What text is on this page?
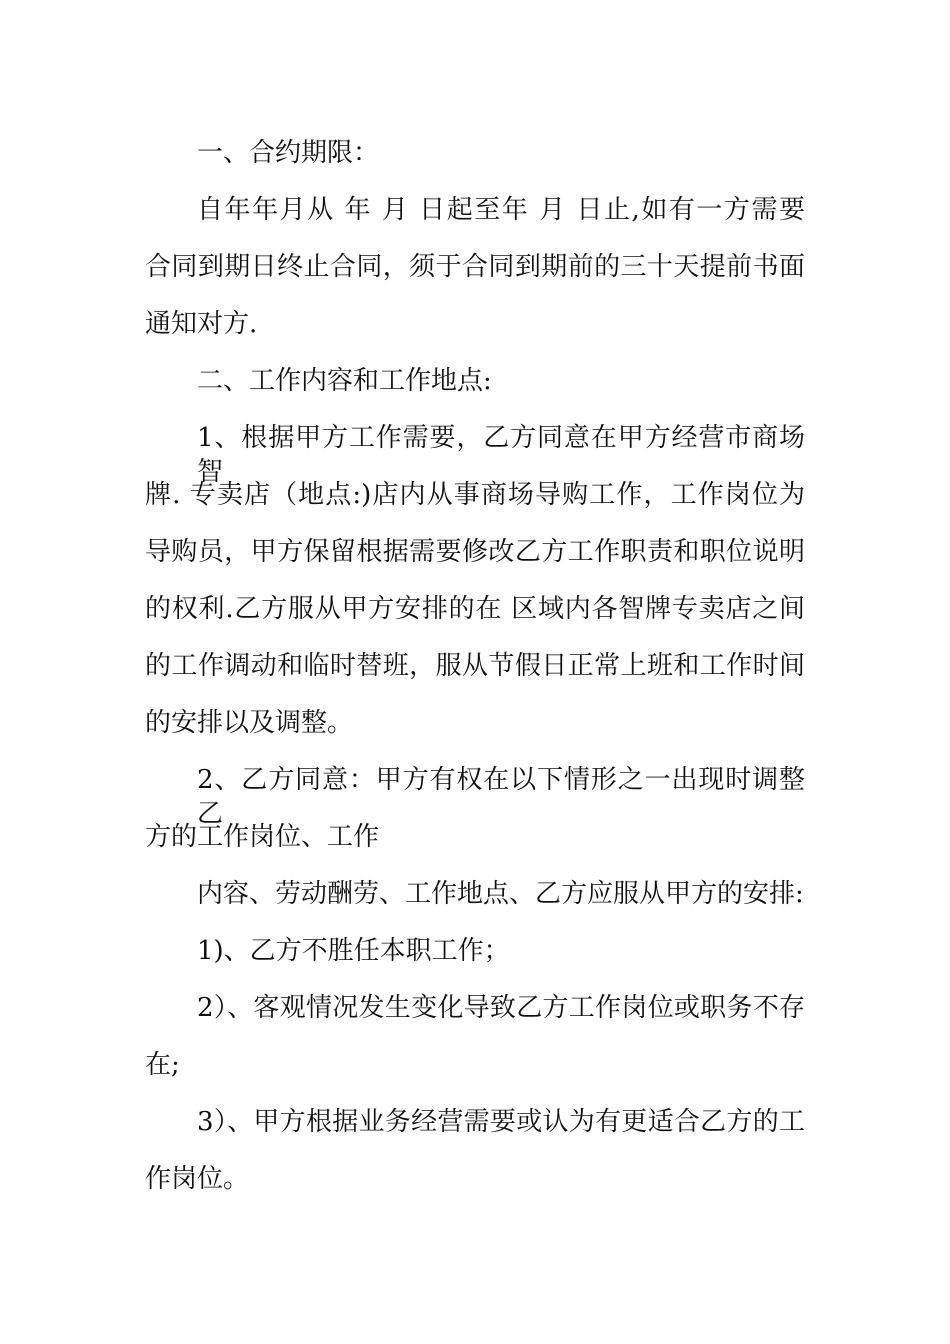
一、合约期限：

自年年月从 年 月 日起至年 月 日止,如有一方需要

合同到期日终止合同，须于合同到期前的三十天提前书面

通知对方.

二、工作内容和工作地点:

1、根据甲方工作需要，乙方同意在甲方经营市商场智

牌. 专卖店（地点:)店内从事商场导购工作，工作岗位为

导购员，甲方保留根据需要修改乙方工作职责和职位说明

的权利.乙方服从甲方安排的在 区域内各智牌专卖店之间

的工作调动和临时替班，服从节假日正常上班和工作时间

的安排以及调整。

2、乙方同意：甲方有权在以下情形之一出现时调整乙

方的工作岗位、工作

内容、劳动酬劳、工作地点、乙方应服从甲方的安排:

1)、乙方不胜任本职工作；

2）、客观情况发生变化导致乙方工作岗位或职务不存

在;

3）、甲方根据业务经营需要或认为有更适合乙方的工

作岗位。
